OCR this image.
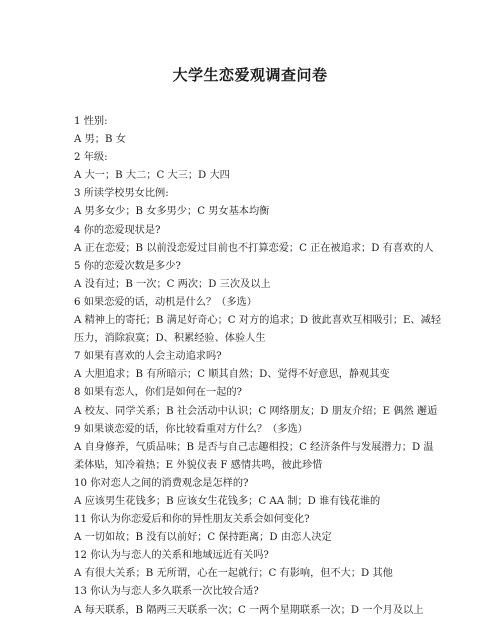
大学生恋爱观调查问卷
1 性别:
A 男；B 女
2 年级:
A 大一；B 大二；C 大三；D 大四
3 所读学校男女比例:
A 男多女少；B 女多男少；C 男女基本均衡
4 你的恋爱现状是?
A 正在恋爱；B 以前没恋爱过目前也不打算恋爱；C 正在被追求；D 有喜欢的人
5 你的恋爱次数是多少?
A 没有过；B 一次；C 两次；D 三次及以上
6 如果恋爱的话，动机是什么？（多选）
A 精神上的寄托；B 满足好奇心；C 对方的追求；D 彼此喜欢互相吸引；E、减轻
压力，消除寂寞；D、积累经验、体验人生
7 如果有喜欢的人会主动追求吗?
A 大胆追求；B 有所暗示；C 顺其自然；D、觉得不好意思，静观其变
8 如果有恋人，你们是如何在一起的?
A 校友、同学关系；B 社会活动中认识；C 网络朋友；D 朋友介绍；E 偶然 邂逅
9 如果谈恋爱的话，你比较看重对方什么？（多选）
A 自身修养，气质品味；B 是否与自己志趣相投；C 经济条件与发展潜力；D 温
柔体贴，知冷着热；E 外貌仪表 F 感情共鸣，彼此珍惜
10 你对恋人之间的消费观念是怎样的?
A 应该男生花钱多；B 应该女生花钱多；C AA 制；D 谁有钱花谁的
11 你认为你恋爱后和你的异性朋友关系会如何变化?
A 一切如故；B 没有以前好；C 保持距离；D 由恋人决定
12 你认为与恋人的关系和地域远近有关吗?
A 有很大关系；B 无所谓，心在一起就行；C 有影响，但不大；D 其他
13 你认为与恋人多久联系一次比较合适?
A 每天联系，B 隔两三天联系一次；C 一两个星期联系一次；D 一个月及以上
